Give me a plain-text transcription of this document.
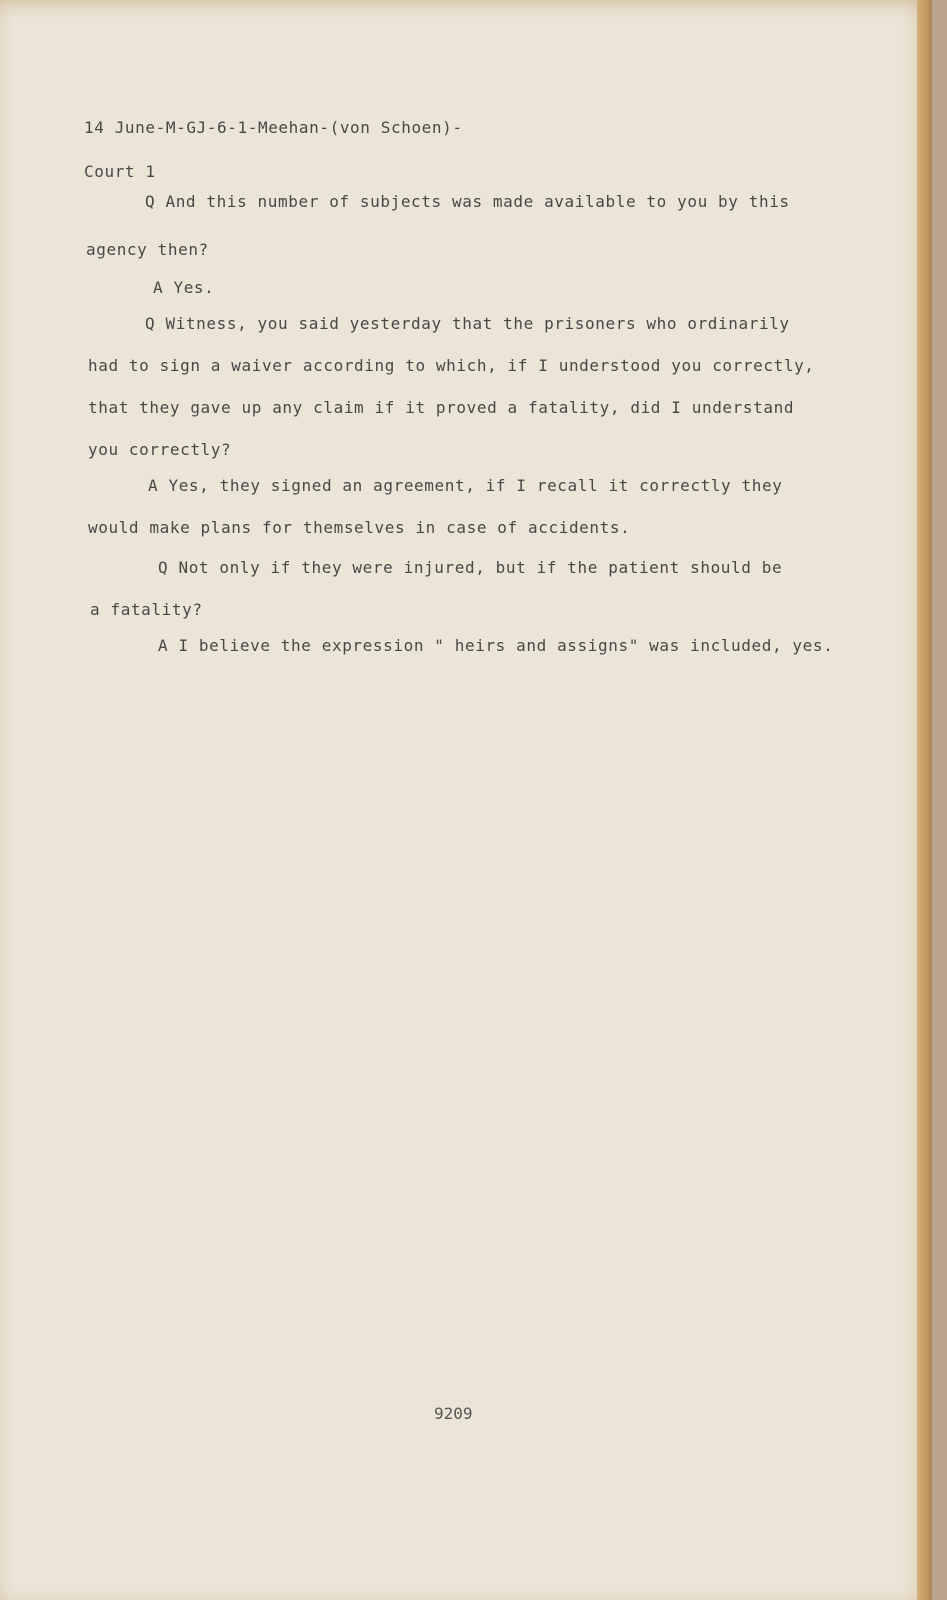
14 June-M-GJ-6-1-Meehan-(von Schoen)-

Court 1

Q And this number of subjects was made available to you by this

agency then?

A Yes.

Q Witness, you said yesterday that the prisoners who ordinarily

had to sign a waiver according to which, if I understood you correctly,

that they gave up any claim if it proved a fatality, did I understand

you correctly?

A Yes, they signed an agreement, if I recall it correctly they

would make plans for themselves in case of accidents.

Q Not only if they were injured, but if the patient should be

a fatality?

A I believe the expression " heirs and assigns" was included, yes.

9209
